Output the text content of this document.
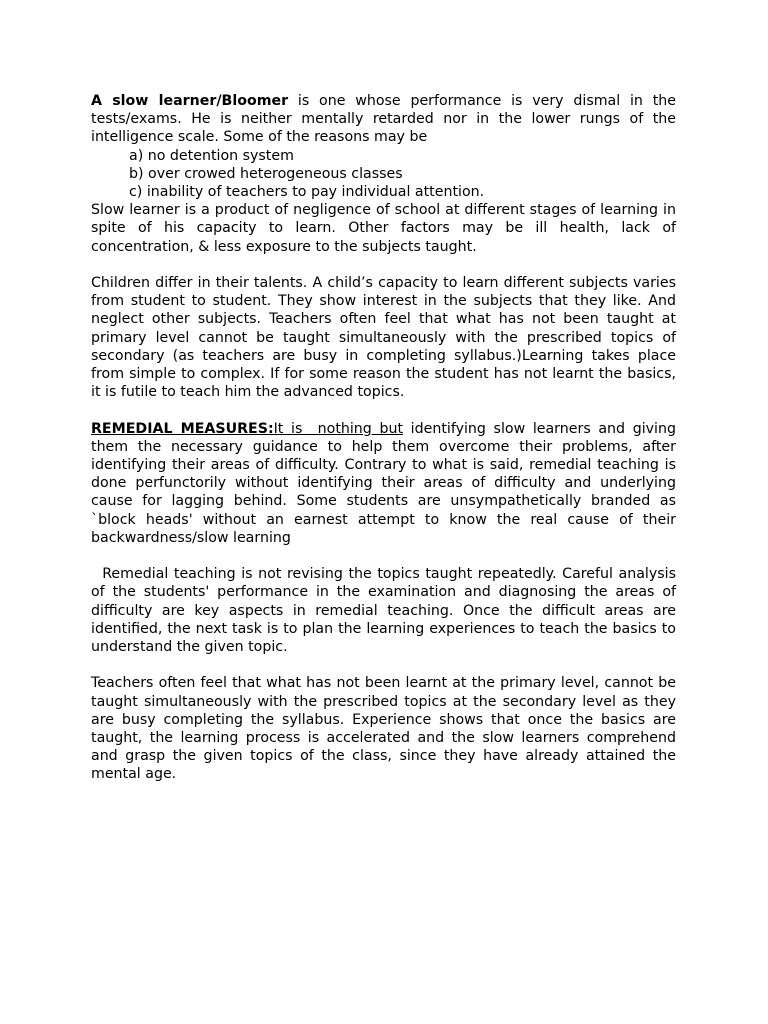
A slow learner/Bloomer is one whose performance is very dismal in the tests/exams. He is neither mentally retarded nor in the lower rungs of the intelligence scale. Some of the reasons may be

a) no detention system
b) over crowed heterogeneous classes
c) inability of teachers to pay individual attention.

Slow learner is a product of negligence of school at different stages of learning in spite of his capacity to learn. Other factors may be ill health, lack of concentration, & less exposure to the subjects taught.

Children differ in their talents. A child’s capacity to learn different subjects varies from student to student. They show interest in the subjects that they like. And neglect other subjects. Teachers often feel that what has not been taught at primary level cannot be taught simultaneously with the prescribed topics of secondary (as teachers are busy in completing syllabus.)Learning takes place from simple to complex. If for some reason the student has not learnt the basics, it is futile to teach him the advanced topics.

REMEDIAL MEASURES:It is  nothing but identifying slow learners and giving them the necessary guidance to help them overcome their problems, after identifying their areas of difficulty. Contrary to what is said, remedial teaching is done perfunctorily without identifying their areas of difficulty and underlying cause for lagging behind. Some students are unsympathetically branded as `block heads' without an earnest attempt to know the real cause of their backwardness/slow learning

Remedial teaching is not revising the topics taught repeatedly. Careful analysis of the students' performance in the examination and diagnosing the areas of difficulty are key aspects in remedial teaching. Once the difficult areas are identified, the next task is to plan the learning experiences to teach the basics to understand the given topic.

Teachers often feel that what has not been learnt at the primary level, cannot be taught simultaneously with the prescribed topics at the secondary level as they are busy completing the syllabus. Experience shows that once the basics are taught, the learning process is accelerated and the slow learners comprehend and grasp the given topics of the class, since they have already attained the mental age.
